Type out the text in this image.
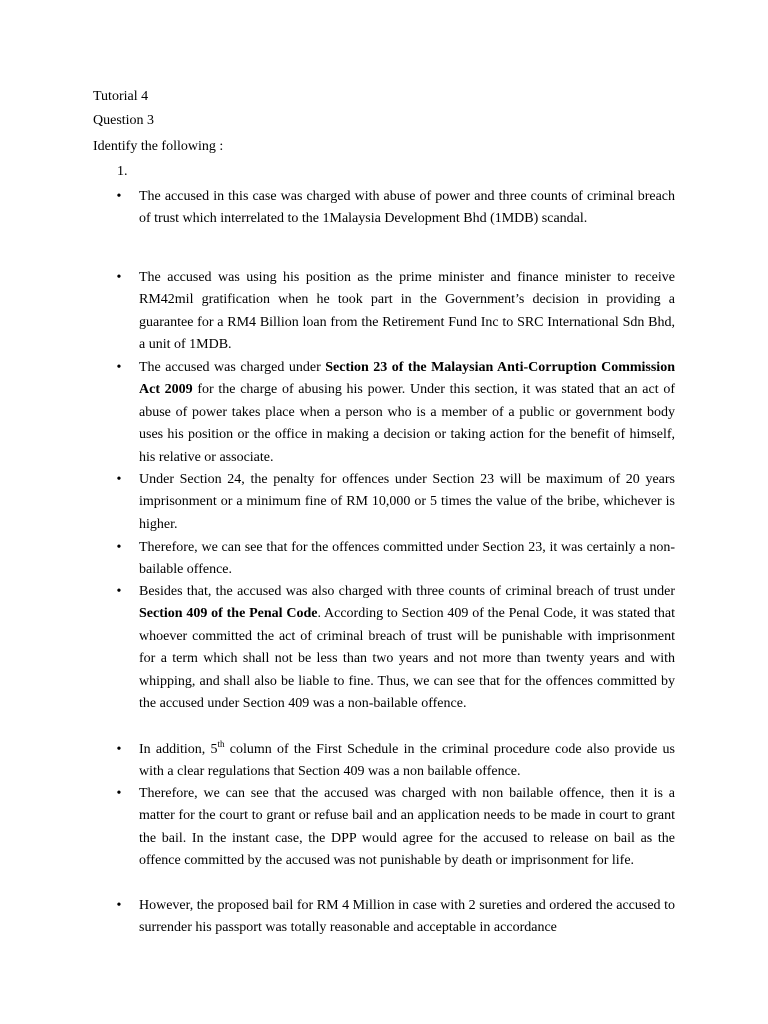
Tutorial 4
Question 3
Identify the following :
1.
• The accused in this case was charged with abuse of power and three counts of criminal breach of trust which interrelated to the 1Malaysia Development Bhd (1MDB) scandal.
• The accused was using his position as the prime minister and finance minister to receive RM42mil gratification when he took part in the Government’s decision in providing a guarantee for a RM4 Billion loan from the Retirement Fund Inc to SRC International Sdn Bhd, a unit of 1MDB.
• The accused was charged under Section 23 of the Malaysian Anti-Corruption Commission Act 2009 for the charge of abusing his power. Under this section, it was stated that an act of abuse of power takes place when a person who is a member of a public or government body uses his position or the office in making a decision or taking action for the benefit of himself, his relative or associate.
• Under Section 24, the penalty for offences under Section 23 will be maximum of 20 years imprisonment or a minimum fine of RM 10,000 or 5 times the value of the bribe, whichever is higher.
• Therefore, we can see that for the offences committed under Section 23, it was certainly a non-bailable offence.
• Besides that, the accused was also charged with three counts of criminal breach of trust under Section 409 of the Penal Code. According to Section 409 of the Penal Code, it was stated that whoever committed the act of criminal breach of trust will be punishable with imprisonment for a term which shall not be less than two years and not more than twenty years and with whipping, and shall also be liable to fine. Thus, we can see that for the offences committed by the accused under Section 409 was a non-bailable offence.
• In addition, 5th column of the First Schedule in the criminal procedure code also provide us with a clear regulations that Section 409 was a non bailable offence.
• Therefore, we can see that the accused was charged with non bailable offence, then it is a matter for the court to grant or refuse bail and an application needs to be made in court to grant the bail. In the instant case, the DPP would agree for the accused to release on bail as the offence committed by the accused was not punishable by death or imprisonment for life.
• However, the proposed bail for RM 4 Million in case with 2 sureties and ordered the accused to surrender his passport was totally reasonable and acceptable in accordance
